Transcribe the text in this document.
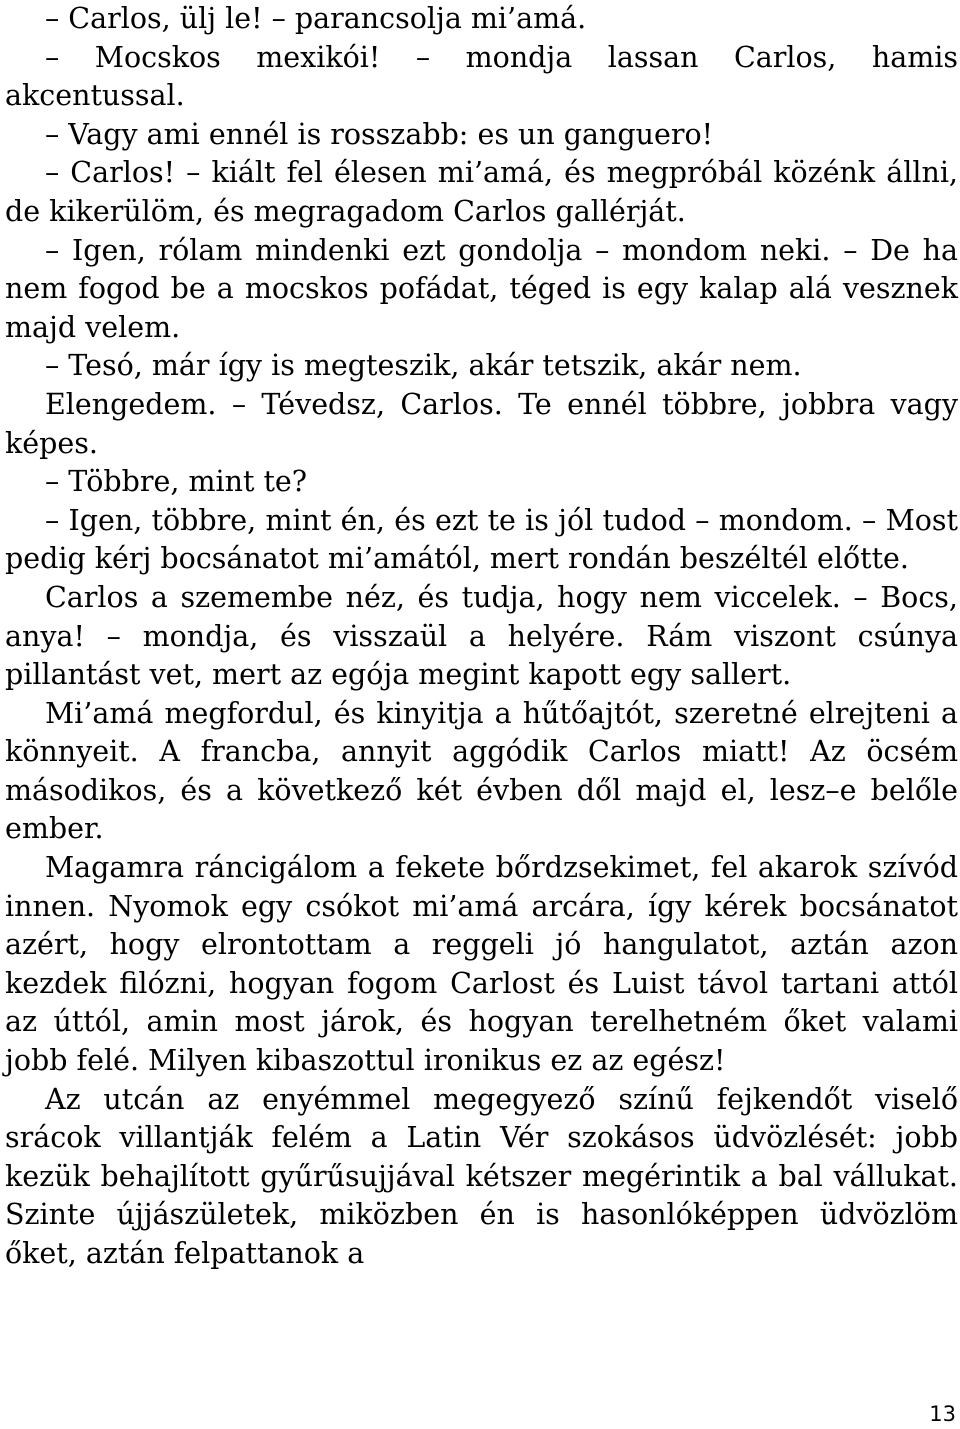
– Carlos, ülj le! – parancsolja mi’amá.

– Mocskos mexikói! – mondja lassan Carlos, hamis akcentussal.

– Vagy ami ennél is rosszabb: es un ganguero!

– Carlos! – kiált fel élesen mi’amá, és megpróbál közénk állni, de kikerülöm, és megragadom Carlos gallérját.

– Igen, rólam mindenki ezt gondolja – mondom neki. – De ha nem fogod be a mocskos pofádat, téged is egy kalap alá vesznek majd velem.

– Tesó, már így is megteszik, akár tetszik, akár nem.

Elengedem. – Tévedsz, Carlos. Te ennél többre, jobbra vagy képes.

– Többre, mint te?

– Igen, többre, mint én, és ezt te is jól tudod – mondom. – Most pedig kérj bocsánatot mi’amától, mert rondán beszéltél előtte.

Carlos a szemembe néz, és tudja, hogy nem viccelek. – Bocs, anya! – mondja, és visszaül a helyére. Rám viszont csúnya pillantást vet, mert az egója megint kapott egy sallert.

Mi’amá megfordul, és kinyitja a hűtőajtót, szeretné elrejteni a könnyeit. A francba, annyit aggódik Carlos miatt! Az öcsém másodikos, és a következő két évben dől majd el, lesz–e belőle ember.

Magamra ráncigálom a fekete bőrdzsekimet, fel akarok szívód innen. Nyomok egy csókot mi’amá arcára, így kérek bocsánatot azért, hogy elrontottam a reggeli jó hangulatot, aztán azon kezdek filózni, hogyan fogom Carlost és Luist távol tartani attól az úttól, amin most járok, és hogyan terelhetném őket valami jobb felé. Milyen kibaszottul ironikus ez az egész!

Az utcán az enyémmel megegyező színű fejkendőt viselő srácok villantják felém a Latin Vér szokásos üdvözlését: jobb kezük behajlított gyűrűsujjával kétszer megérintik a bal vállukat. Szinte újjászületek, miközben én is hasonlóképpen üdvözlöm őket, aztán felpattanok a

13
